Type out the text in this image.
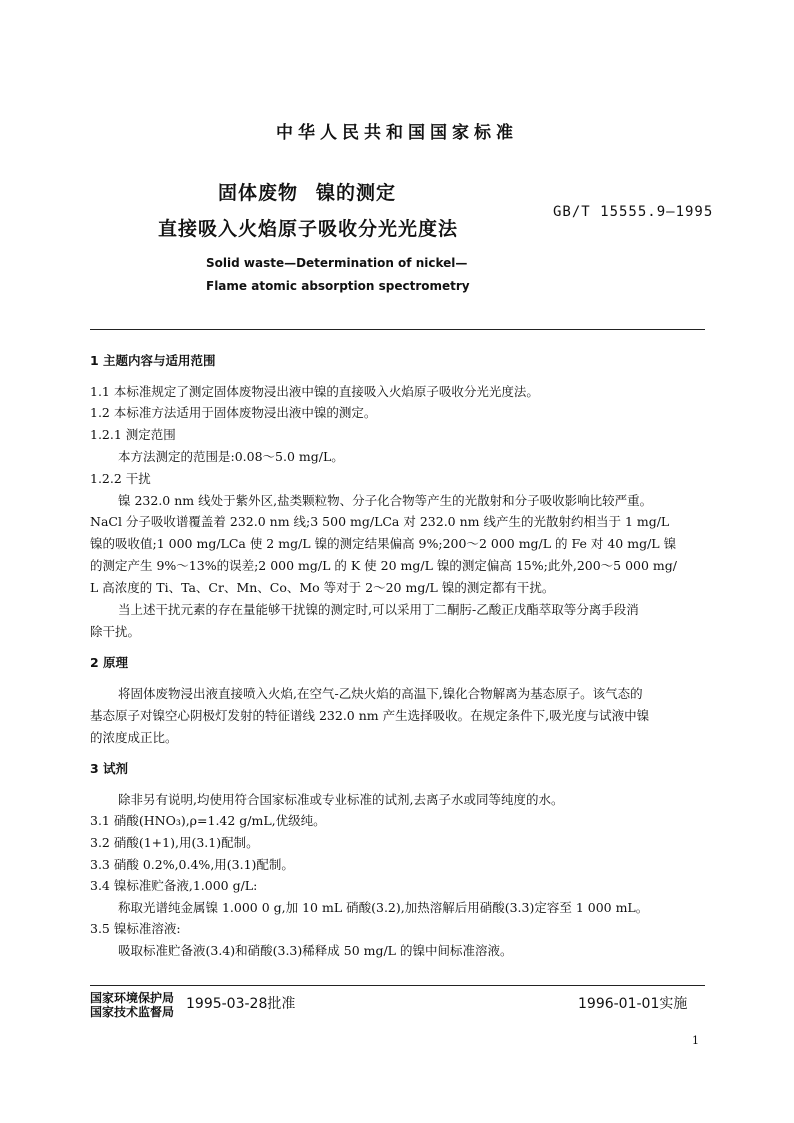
中华人民共和国国家标准
固体废物 镍的测定
直接吸入火焰原子吸收分光光度法
GB/T 15555.9—1995
Solid waste—Determination of nickel—
Flame atomic absorption spectrometry
1 主题内容与适用范围
1.1 本标准规定了测定固体废物浸出液中镍的直接吸入火焰原子吸收分光光度法。
1.2 本标准方法适用于固体废物浸出液中镍的测定。
1.2.1 测定范围
本方法测定的范围是:0.08～5.0 mg/L。
1.2.2 干扰
镍 232.0 nm 线处于紫外区,盐类颗粒物、分子化合物等产生的光散射和分子吸收影响比较严重。
NaCl 分子吸收谱覆盖着 232.0 nm 线;3 500 mg/LCa 对 232.0 nm 线产生的光散射约相当于 1 mg/L
镍的吸收值;1 000 mg/LCa 使 2 mg/L 镍的测定结果偏高 9%;200～2 000 mg/L 的 Fe 对 40 mg/L 镍
的测定产生 9%～13%的误差;2 000 mg/L 的 K 使 20 mg/L 镍的测定偏高 15%;此外,200～5 000 mg/
L 高浓度的 Ti、Ta、Cr、Mn、Co、Mo 等对于 2～20 mg/L 镍的测定都有干扰。
当上述干扰元素的存在量能够干扰镍的测定时,可以采用丁二酮肟-乙酸正戊酯萃取等分离手段消
除干扰。
2 原理
将固体废物浸出液直接喷入火焰,在空气-乙炔火焰的高温下,镍化合物解离为基态原子。该气态的
基态原子对镍空心阴极灯发射的特征谱线 232.0 nm 产生选择吸收。在规定条件下,吸光度与试液中镍
的浓度成正比。
3 试剂
除非另有说明,均使用符合国家标准或专业标准的试剂,去离子水或同等纯度的水。
3.1 硝酸(HNO₃),ρ=1.42 g/mL,优级纯。
3.2 硝酸(1+1),用(3.1)配制。
3.3 硝酸 0.2%,0.4%,用(3.1)配制。
3.4 镍标准贮备液,1.000 g/L:
称取光谱纯金属镍 1.000 0 g,加 10 mL 硝酸(3.2),加热溶解后用硝酸(3.3)定容至 1 000 mL。
3.5 镍标准溶液:
吸取标准贮备液(3.4)和硝酸(3.3)稀释成 50 mg/L 的镍中间标准溶液。
国家环境保护局
国家技术监督局 1995-03-28批准	1996-01-01实施
1
